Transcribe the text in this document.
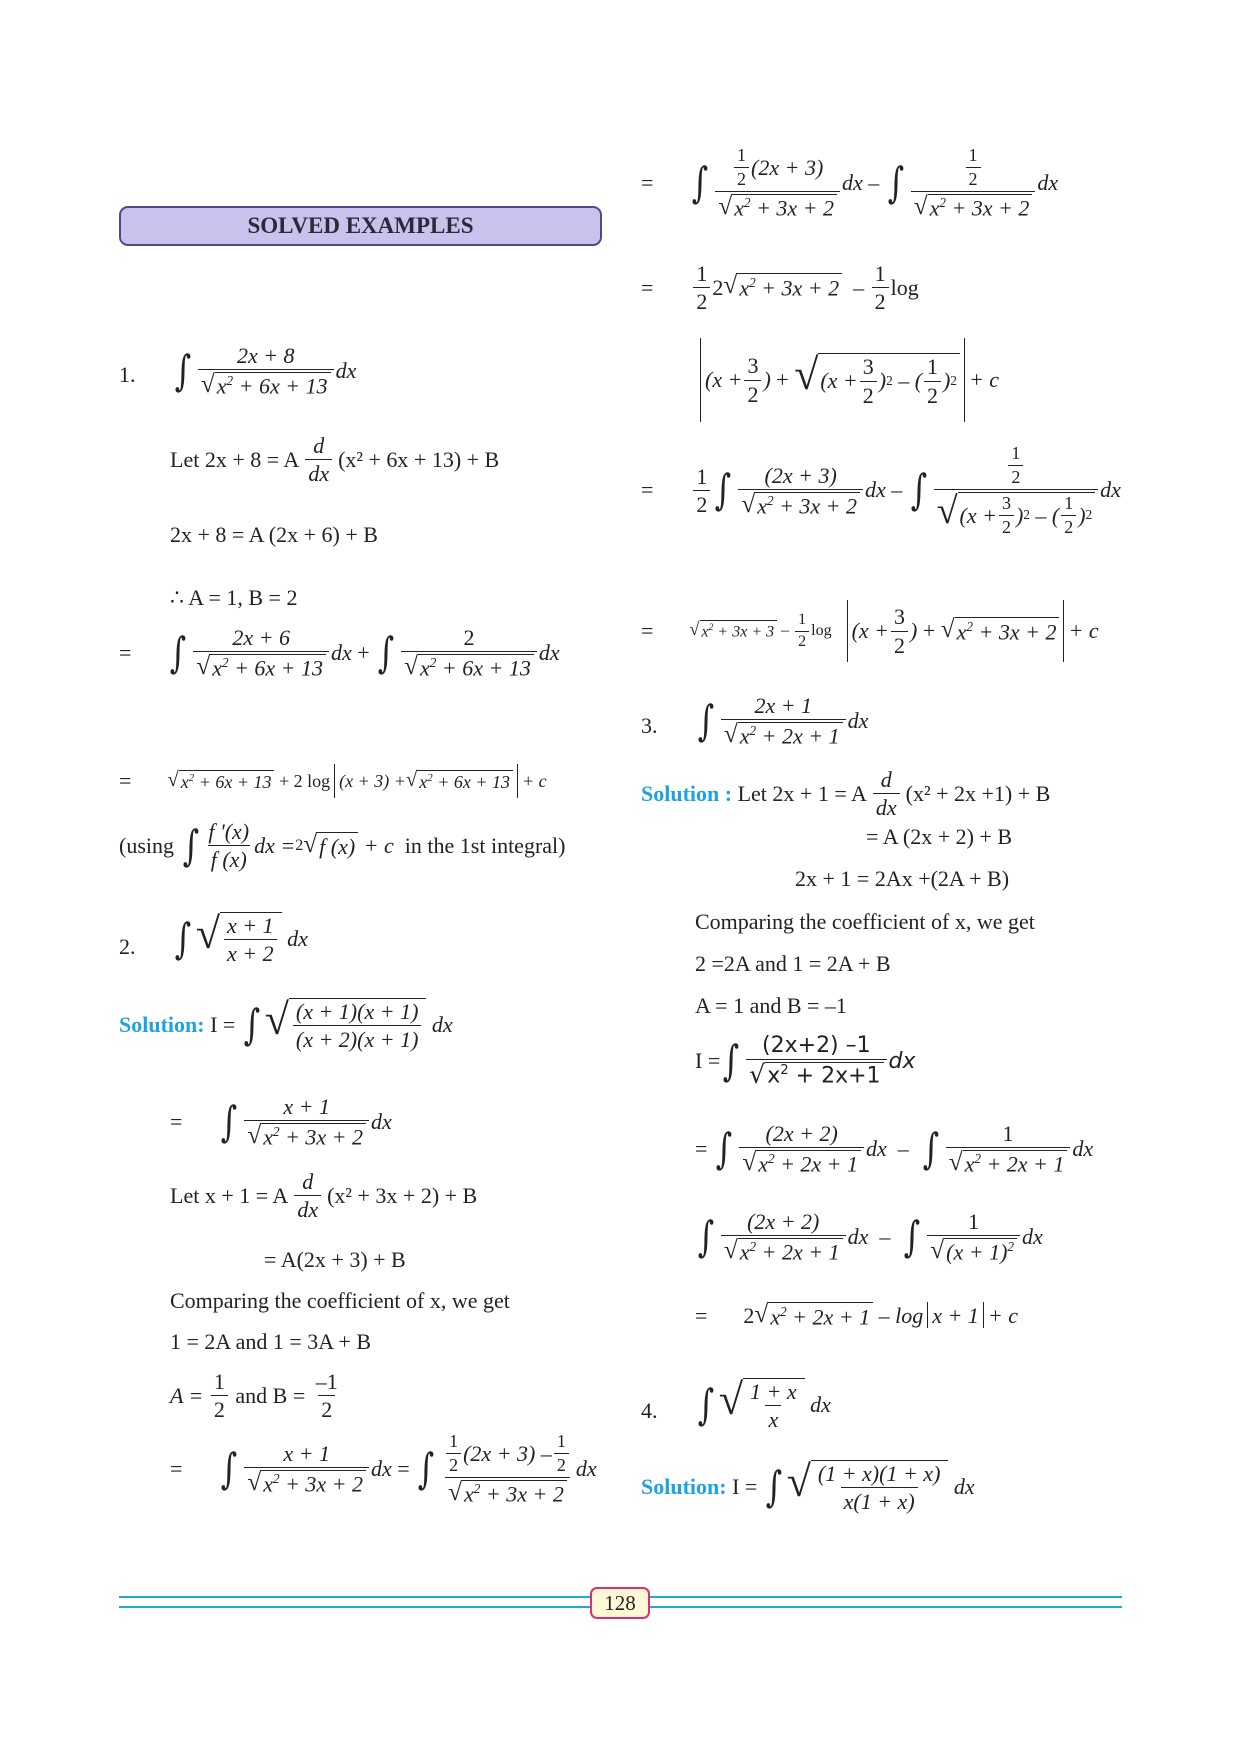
SOLVED EXAMPLES
1. ∫ $\frac{2x + 8}{√ x^2 + 6x + 13}$ dx
Let 2x + 8 = A $\frac{d}{dx} (x^2 + 6x + 13) + B$
2x + 8 = A (2x + 6) + B
∴ A = 1, B = 2
= ∫ $\frac{2x + 6}{√ x^2 + 6x + 13}$ dx + ∫ $\frac{2}{√ x^2 + 6x + 13}$ dx
= √ $x^2 + 6x + 13 + 2$ log (x + 3) + √ $x^2 + 6x + 13 + c$
(using
∫ $\frac{f '(x)}{f (x)}$ dx = 2 √ f (x) + c in the 1st integral)
2. ∫ √ $\frac{x + 1}{x + 2}$ dx
Solution: I = ∫ √ $\frac{(x + 1)(x + 1)}{(x + 2)(x + 1)}$ dx
= ∫ $\frac{x + 1}{√ x^2 + 3x + 2}$ dx
Let x + 1 = A $\frac{d}{dx} (x^2 + 3x + 2) + B$
= A(2x + 3) + B
Comparing the coefficient of x, we get
1 = 2A and 1 = 3A + B
A =
$\frac{1}{2}$
and B =
$\frac{-1}{2}$
= ∫ $\frac{x + 1}{√ x^2 + 3x + 2}$ dx = ∫ $\frac{\frac{1}{2} (2x + 3) - \frac{1}{2}}{√ x^2 + 3x + 2}$ dx
= ∫ $\frac{\frac{1}{2} (2x + 3)}{√ x^2 + 3x + 2}$ dx –
∫ $\frac{\frac{1}{2}}{√ x^2 + 3x + 2}$ dx
= $\frac{1}{2} 2$ √ $x^2 + 3x + 2 - \frac{1}{2}$ log
($x + \frac{3}{2}$ ) + √ ($x + \frac{3}{2}$ ) 2 – ( $\frac{1}{2}$ ) 2 + c
= $\frac{1}{2}$ ∫ $\frac{(2x + 3)}{√ x^2 + 3x + 2}$ dx –
∫ $\frac{\frac{1}{2}}{√ (x + \frac{3}{2} ) 2 - ( \frac{1}{2} ) 2}$ dx
= √ $x^2 + 3x + 3 - \frac{1}{2}$ log
($x + \frac{3}{2}$ ) + √ $x^2 + 3x + 2 + c$
3. ∫ $\frac{2x + 1}{√ x^2 + 2x + 1}$ dx
Solution :
Let 2x + 1 = A $\frac{d}{dx} (x^2 + 2x +1) + B$
= A (2x + 2) + B
2x + 1 = 2Ax +(2A + B)
Comparing the coefficient of x, we get
2 =2A and 1 = 2A + B
A = 1 and B = –1
I = ∫ $\frac{(2x+2) -1}{√ x^2 + 2x+1}$ dx
= ∫ $\frac{(2x + 2)}{√ x^2 + 2x + 1}$ dx – ∫ $\frac{1}{√ x^2 + 2x + 1}$ dx
∫ $\frac{(2x + 2)}{√ x^2 + 2x + 1}$ dx – ∫ $\frac{1}{√ (x + 1)^2}$ dx
= 2 √ $x^2 + 2x + 1 - \log x + 1 + c$
4. ∫ √ $\frac{1 + x}{x}$ dx
Solution: I = ∫ √ $\frac{(1 + x)(1 + x)}{x(1 + x)}$ dx
128
